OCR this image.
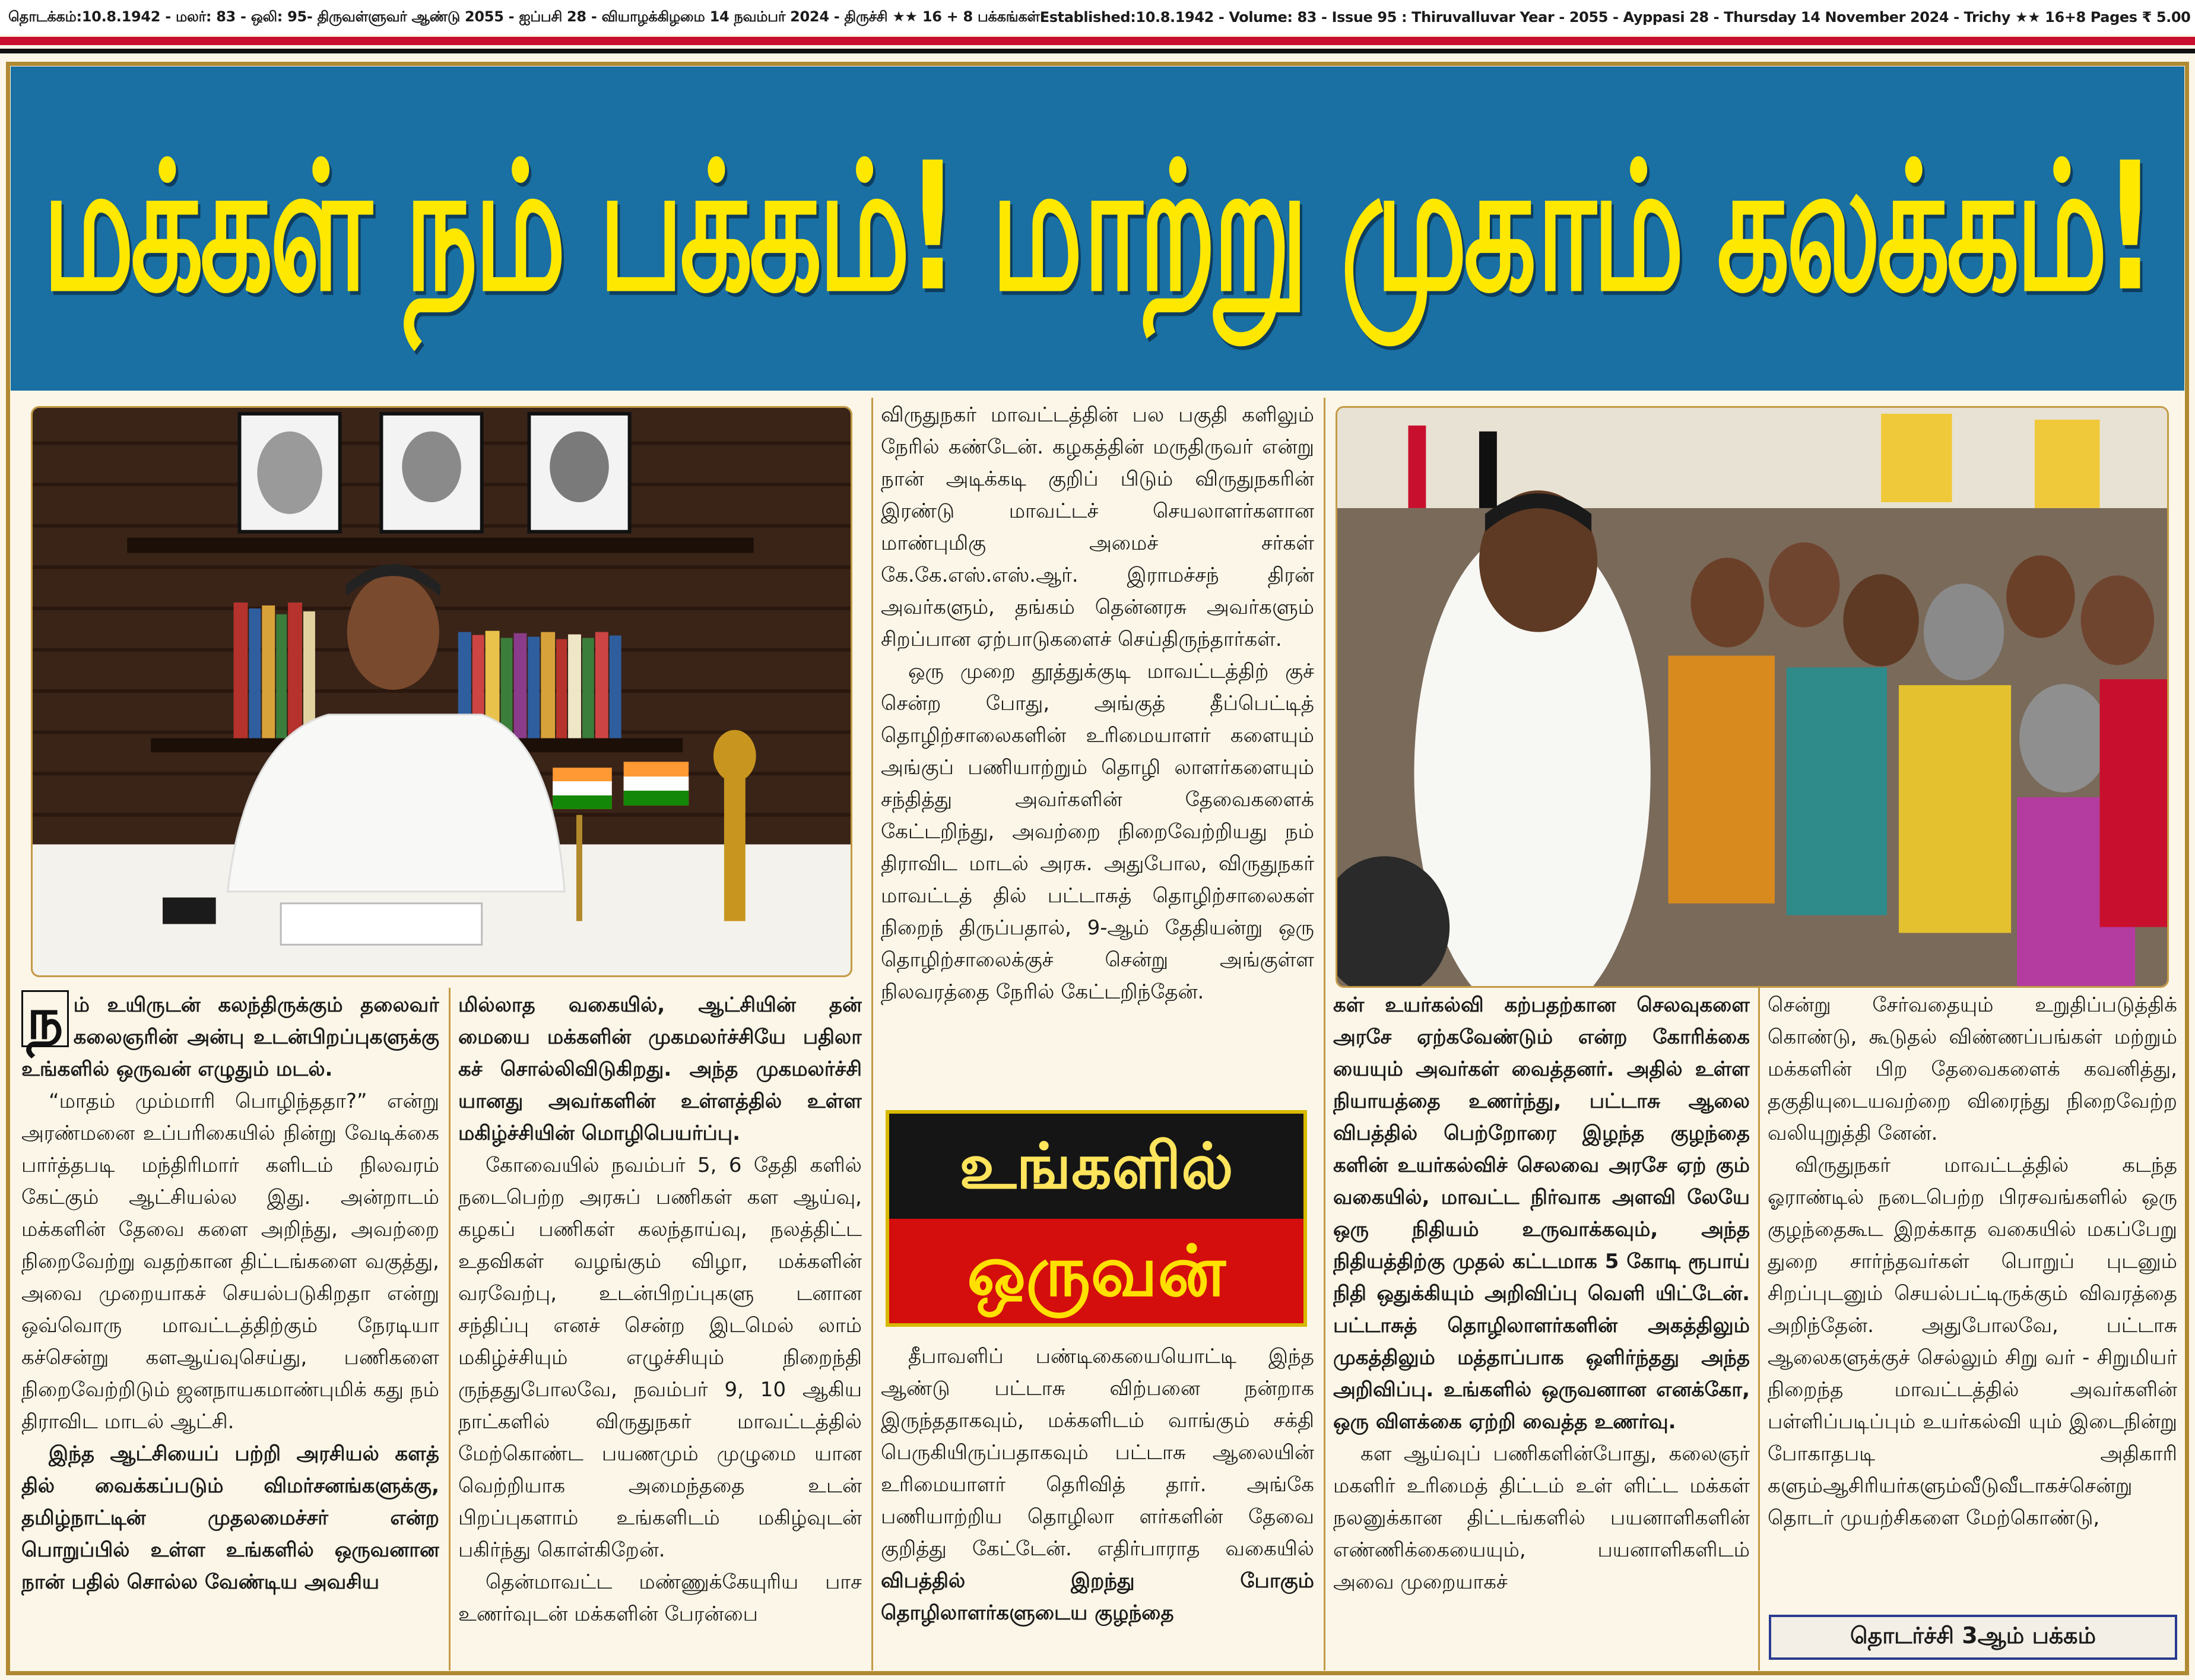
தொடக்கம்:10.8.1942 - மலர்: 83 - ஒலி: 95- திருவள்ளுவர் ஆண்டு 2055 - ஐப்பசி 28 - வியாழக்கிழமை 14 நவம்பர் 2024 - திருச்சி ★★ 16 + 8 பக்கங்கள் Established:10.8.1942 - Volume: 83 - Issue 95 : Thiruvalluvar Year - 2055 - Ayppasi 28 - Thursday 14 November 2024 - Trichy ★★ 16+8 Pages ₹ 5.00
மக்கள் நம் பக்கம்! மாற்று முகாம் கலக்கம்!

ந ம் உயிருடன் கலந்திருக்கும் தலைவர் கலைஞரின் அன்பு உடன்பிறப்புகளுக்கு உங்களில் ஒருவன் எழுதும் மடல்.

“மாதம் மும்மாரி பொழிந்ததா?” என்று அரண்மனை உப்பரிகையில் நின்று வேடிக்கை பார்த்தபடி மந்திரிமார் களிடம் நிலவரம் கேட்கும் ஆட்சியல்ல இது. அன்றாடம் மக்களின் தேவை களை அறிந்து, அவற்றை நிறைவேற்று வதற்கான திட்டங்களை வகுத்து, அவை முறையாகச் செயல்படுகிறதா என்று ஒவ்வொரு மாவட்டத்திற்கும் நேரடியா கச்சென்று களஆய்வுசெய்து, பணிகளை நிறைவேற்றிடும் ஜனநாயகமாண்புமிக் கது நம் திராவிட மாடல் ஆட்சி.

இந்த ஆட்சியைப் பற்றி அரசியல் களத் தில் வைக்கப்படும் விமர்சனங்களுக்கு, தமிழ்நாட்டின் முதலமைச்சர் என்ற பொறுப்பில் உள்ள உங்களில் ஒருவனான நான் பதில் சொல்ல வேண்டிய அவசிய

மில்லாத வகையில், ஆட்சியின் தன் மையை மக்களின் முகமலர்ச்சியே பதிலா கச் சொல்லிவிடுகிறது. அந்த முகமலர்ச்சி யானது அவர்களின் உள்ளத்தில் உள்ள மகிழ்ச்சியின் மொழிபெயர்ப்பு.

கோவையில் நவம்பர் 5, 6 தேதி களில் நடைபெற்ற அரசுப் பணிகள் கள ஆய்வு, கழகப் பணிகள் கலந்தாய்வு, நலத்திட்ட உதவிகள் வழங்கும் விழா, மக்களின் வரவேற்பு, உடன்பிறப்புகளு டனான சந்திப்பு எனச் சென்ற இடமெல் லாம் மகிழ்ச்சியும் எழுச்சியும் நிறைந்தி ருந்ததுபோலவே, நவம்பர் 9, 10 ஆகிய நாட்களில் விருதுநகர் மாவட்டத்தில் மேற்கொண்ட பயணமும் முழுமை யான வெற்றியாக அமைந்ததை உடன் பிறப்புகளாம் உங்களிடம் மகிழ்வுடன் பகிர்ந்து கொள்கிறேன்.

தென்மாவட்ட மண்ணுக்கேயுரிய பாச உணர்வுடன் மக்களின் பேரன்பை

விருதுநகர் மாவட்டத்தின் பல பகுதி களிலும் நேரில் கண்டேன். கழகத்தின் மருதிருவர் என்று நான் அடிக்கடி குறிப் பிடும் விருதுநகரின் இரண்டு மாவட்டச் செயலாளர்களான மாண்புமிகு அமைச் சர்கள் கே.கே.எஸ்.எஸ்.ஆர். இராமச்சந் திரன் அவர்களும், தங்கம் தென்னரசு அவர்களும் சிறப்பான ஏற்பாடுகளைச் செய்திருந்தார்கள்.

ஒரு முறை தூத்துக்குடி மாவட்டத்திற் குச் சென்ற போது, அங்குத் தீப்பெட்டித் தொழிற்சாலைகளின் உரிமையாளர் களையும் அங்குப் பணியாற்றும் தொழி லாளர்களையும் சந்தித்து அவர்களின் தேவைகளைக் கேட்டறிந்து, அவற்றை நிறைவேற்றியது நம் திராவிட மாடல் அரசு. அதுபோல, விருதுநகர் மாவட்டத் தில் பட்டாசுத் தொழிற்சாலைகள் நிறைந் திருப்பதால், 9-ஆம் தேதியன்று ஒரு தொழிற்சாலைக்குச் சென்று அங்குள்ள நிலவரத்தை நேரில் கேட்டறிந்தேன்.

உங்களில்
ஒருவன்

தீபாவளிப் பண்டிகையையொட்டி இந்த ஆண்டு பட்டாசு விற்பனை நன்றாக இருந்ததாகவும், மக்களிடம் வாங்கும் சக்தி பெருகியிருப்பதாகவும் பட்டாசு ஆலையின் உரிமையாளர் தெரிவித் தார். அங்கே பணியாற்றிய தொழிலா ளர்களின் தேவை குறித்து கேட்டேன். எதிர்பாராத வகையில் விபத்தில் இறந்து போகும் தொழிலாளர்களுடைய குழந்தை

கள் உயர்கல்வி கற்பதற்கான செலவுகளை அரசே ஏற்கவேண்டும் என்ற கோரிக்கை யையும் அவர்கள் வைத்தனர். அதில் உள்ள நியாயத்தை உணர்ந்து, பட்டாசு ஆலை விபத்தில் பெற்றோரை இழந்த குழந்தை களின் உயர்கல்விச் செலவை அரசே ஏற் கும் வகையில், மாவட்ட நிர்வாக அளவி லேயே ஒரு நிதியம் உருவாக்கவும், அந்த நிதியத்திற்கு முதல் கட்டமாக 5 கோடி ரூபாய் நிதி ஒதுக்கியும் அறிவிப்பு வெளி யிட்டேன். பட்டாசுத் தொழிலாளர்களின் அகத்திலும் முகத்திலும் மத்தாப்பாக ஒளிர்ந்தது அந்த அறிவிப்பு. உங்களில் ஒருவனான எனக்கோ, ஒரு விளக்கை ஏற்றி வைத்த உணர்வு.

கள ஆய்வுப் பணிகளின்போது, கலைஞர் மகளிர் உரிமைத் திட்டம் உள் ளிட்ட மக்கள் நலனுக்கான திட்டங்களில் பயனாளிகளின் எண்ணிக்கையையும், பயனாளிகளிடம் அவை முறையாகச்

சென்று சேர்வதையும் உறுதிப்படுத்திக் கொண்டு, கூடுதல் விண்ணப்பங்கள் மற்றும் மக்களின் பிற தேவைகளைக் கவனித்து, தகுதியுடையவற்றை விரைந்து நிறைவேற்ற வலியுறுத்தி னேன்.

விருதுநகர் மாவட்டத்தில் கடந்த ஓராண்டில் நடைபெற்ற பிரசவங்களில் ஒரு குழந்தைகூட இறக்காத வகையில் மகப்பேறு துறை சார்ந்தவர்கள் பொறுப் புடனும் சிறப்புடனும் செயல்பட்டிருக்கும் விவரத்தை அறிந்தேன். அதுபோலவே, பட்டாசு ஆலைகளுக்குச் செல்லும் சிறு வர் - சிறுமியர் நிறைந்த மாவட்டத்தில் அவர்களின் பள்ளிப்படிப்பும் உயர்கல்வி யும் இடைநின்று போகாதபடி அதிகாரி களும்ஆசிரியர்களும்வீடுவீடாகச்சென்று தொடர் முயற்சிகளை மேற்கொண்டு,

தொடர்ச்சி 3ஆம் பக்கம்
